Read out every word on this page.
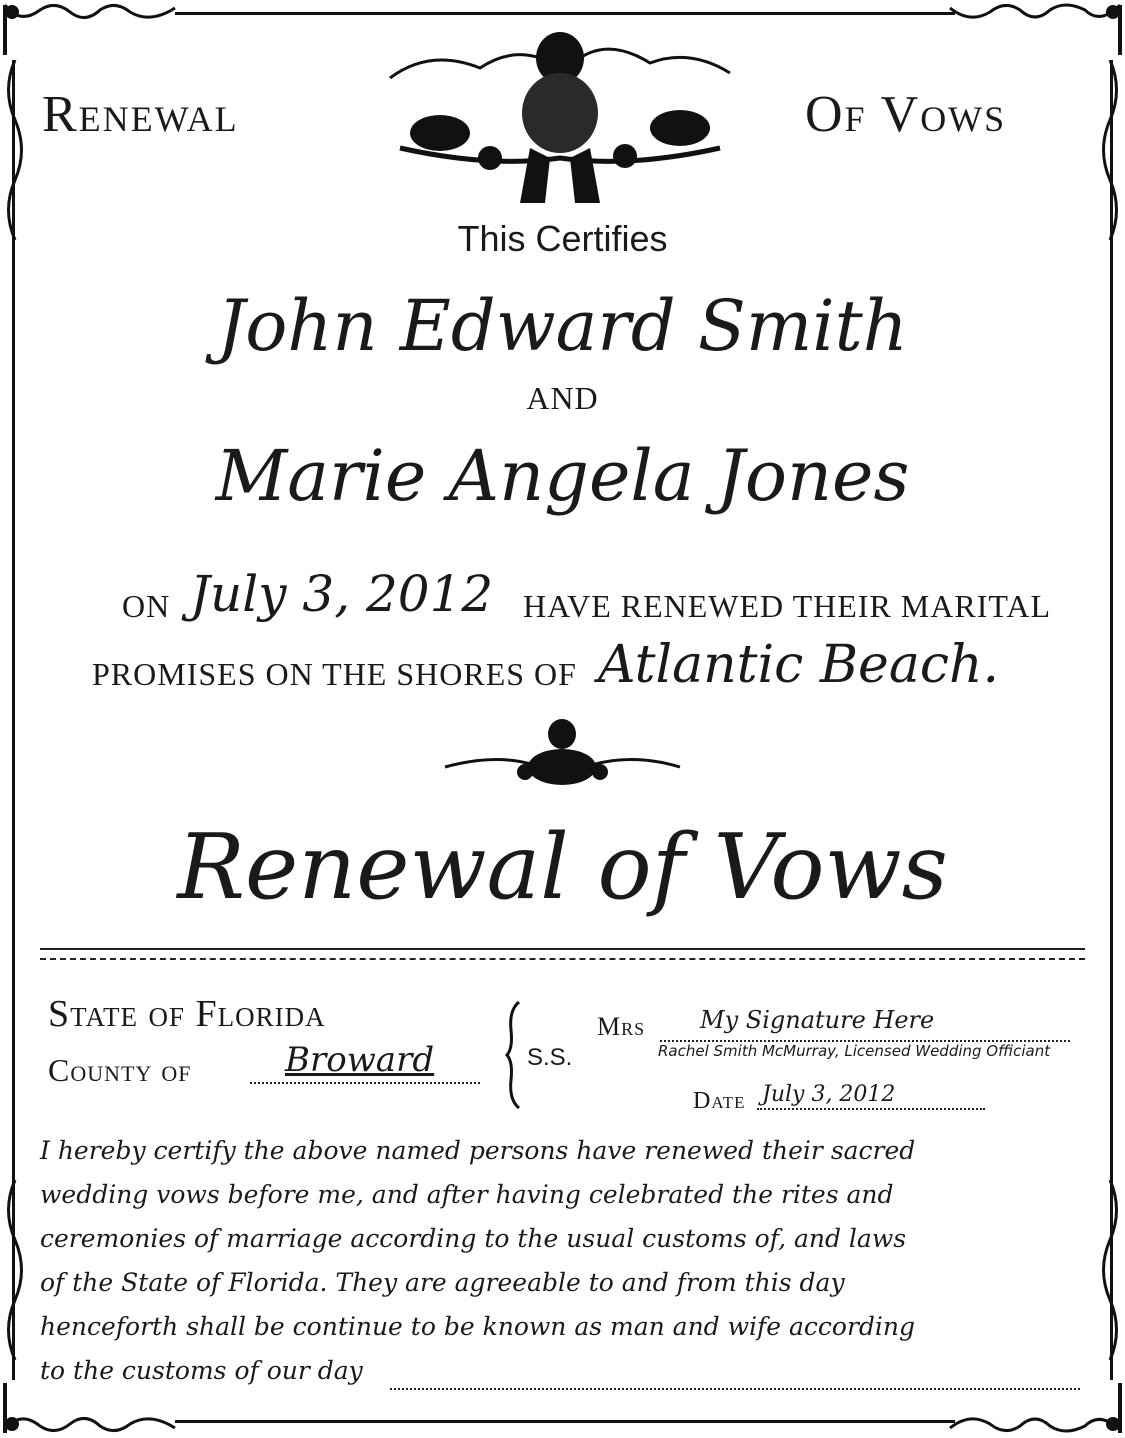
Renewal	Of Vows
This Certifies
John Edward Smith
AND
Marie Angela Jones
ON July 3, 2012 HAVE RENEWED THEIR MARITAL
PROMISES ON THE SHORES OF Atlantic Beach.
Renewal of Vows
State of Florida
County of	Broward	S.S.
Mrs My Signature Here
Rachel Smith McMurray, Licensed Wedding Officiant
Date July 3, 2012
I hereby certify the above named persons have renewed their sacred
wedding vows before me, and after having celebrated the rites and
ceremonies of marriage according to the usual customs of, and laws
of the State of Florida. They are agreeable to and from this day
henceforth shall be continue to be known as man and wife according
to the customs of our day
